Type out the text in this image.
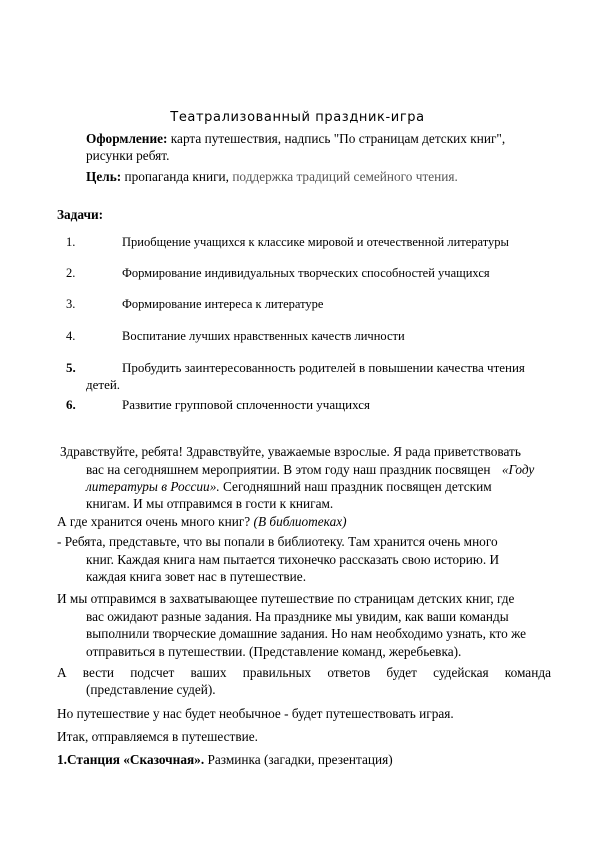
Театрализованный праздник-игра
Оформление: карта путешествия, надпись "По страницам детских книг",
рисунки ребят.
Цель: пропаганда книги, поддержка традиций семейного чтения.
Задачи:
1.	Приобщение учащихся к классике мировой и отечественной литературы
2.	Формирование индивидуальных творческих способностей учащихся
3.	Формирование интереса к литературе
4.	Воспитание лучших нравственных качеств личности
5.	Пробудить заинтересованность родителей в повышении качества чтения
детей.
6.	Развитие групповой сплоченности учащихся
Здравствуйте, ребята! Здравствуйте, уважаемые взрослые. Я рада приветствовать
вас на сегодняшнем мероприятии. В этом году наш праздник посвящен «Году
литературы в России». Сегодняшний наш праздник посвящен детским
книгам. И мы отправимся в гости к книгам.
А где хранится очень много книг? (В библиотеках)
- Ребята, представьте, что вы попали в библиотеку. Там хранится очень много
книг. Каждая книга нам пытается тихонечко рассказать свою историю. И
каждая книга зовет нас в путешествие.
И мы отправимся в захватывающее путешествие по страницам детских книг, где
вас ожидают разные задания. На празднике мы увидим, как ваши команды
выполнили творческие домашние задания. Но нам необходимо узнать, кто же
отправиться в путешествии. (Представление команд, жеребьевка).
А вести подсчет ваших правильных ответов будет судейская команда
(представление судей).
Но путешествие у нас будет необычное - будет путешествовать играя.
Итак, отправляемся в путешествие.
1.Станция «Сказочная». Разминка (загадки, презентация)
